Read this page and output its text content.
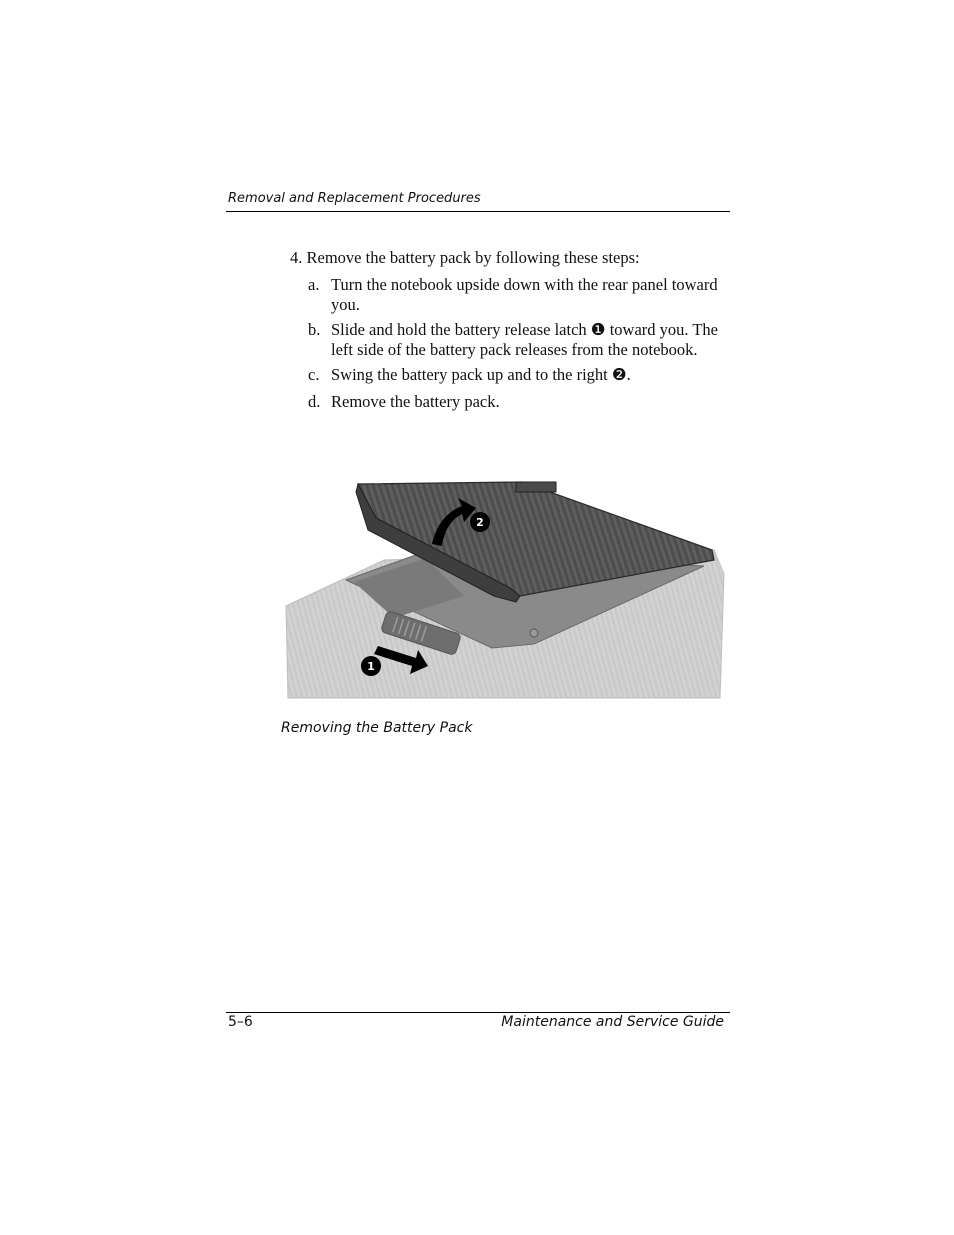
Removal and Replacement Procedures
4. Remove the battery pack by following these steps:
a. Turn the notebook upside down with the rear panel toward you.
b. Slide and hold the battery release latch ❶ toward you. The left side of the battery pack releases from the notebook.
c. Swing the battery pack up and to the right ❷.
d. Remove the battery pack.
2
1
Removing the Battery Pack
5–6	Maintenance and Service Guide
